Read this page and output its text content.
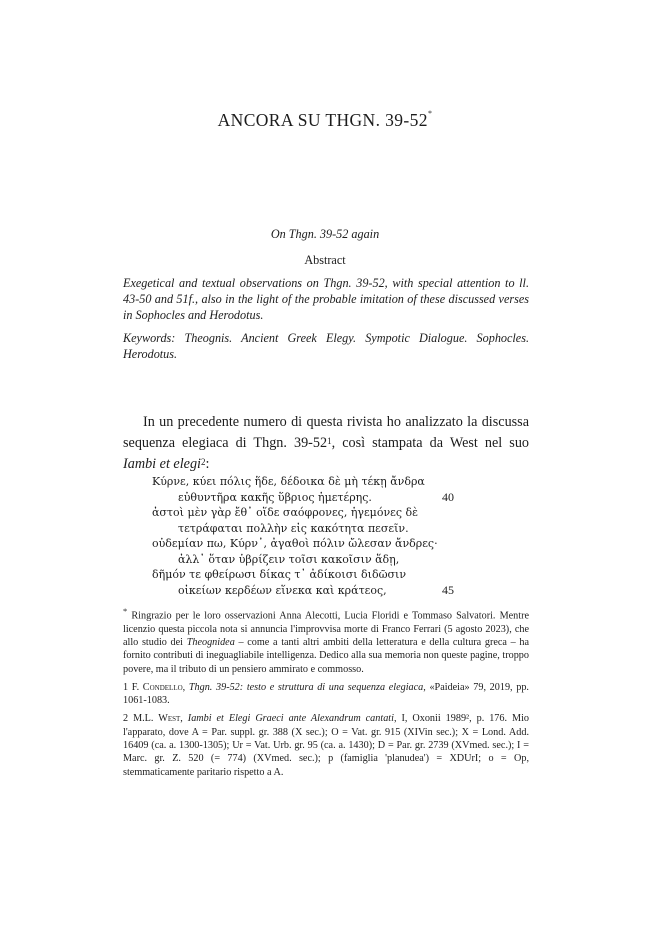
ANCORA SU THGN. 39-52*
On Thgn. 39-52 again
Abstract
Exegetical and textual observations on Thgn. 39-52, with special attention to ll. 43-50 and 51f., also in the light of the probable imitation of these discussed verses in Sophocles and Herodotus.
Keywords: Theognis. Ancient Greek Elegy. Sympotic Dialogue. Sophocles. Herodotus.
In un precedente numero di questa rivista ho analizzato la discussa sequenza elegiaca di Thgn. $39-52^1$, così stampata da West nel suo Iambi et elegi$^2$:
Κύρνε, κύει πόλις ἥδε, δέδοικα δὲ μὴ τέκῃ ἄνδρα
εὐθυντῆρα κακῆς ὕβριος ἡμετέρης.	40
ἀστοὶ μὲν γὰρ ἔθ᾽ οἵδε σαόφρονες, ἡγεμόνες δὲ
τετράφαται πολλὴν εἰς κακότητα πεσεῖν.
οὐδεμίαν πω, Κύρν᾽, ἀγαθοὶ πόλιν ὤλεσαν ἄνδρες·
ἀλλ᾽ ὅταν ὑβρίζειν τοῖσι κακοῖσιν ἅδῃ,
δῆμόν τε φθείρωσι δίκας τ᾽ ἀδίκοισι διδῶσιν
οἰκείων κερδέων εἵνεκα καὶ κράτεος,	45
* Ringrazio per le loro osservazioni Anna Alecotti, Lucia Floridi e Tommaso Salvatori. Mentre licenzio questa piccola nota si annuncia l'improvvisa morte di Franco Ferrari (5 agosto 2023), che allo studio dei Theognidea – come a tanti altri ambiti della letteratura e della cultura greca – ha fornito contributi di ineguagliabile intelligenza. Dedico alla sua memoria non queste pagine, troppo povere, ma il tributo di un pensiero ammirato e commosso.
1 F. Condello, Thgn. 39-52: testo e struttura di una sequenza elegiaca, «Paideia» 79, 2019, pp. 1061-1083.
2 M.L. West, Iambi et Elegi Graeci ante Alexandrum cantati, I, Oxonii 1989², p. 176. Mio l'apparato, dove A = Par. suppl. gr. 388 (X sec.); O = Vat. gr. 915 (XIVin sec.); X = Lond. Add. 16409 (ca. a. 1300-1305); Ur = Vat. Urb. gr. 95 (ca. a. 1430); D = Par. gr. 2739 (XVmed. sec.); I = Marc. gr. Z. 520 (= 774) (XVmed. sec.); p (famiglia 'planudea') = XDUrI; o = Op, stemmaticamente paritario rispetto a A.
